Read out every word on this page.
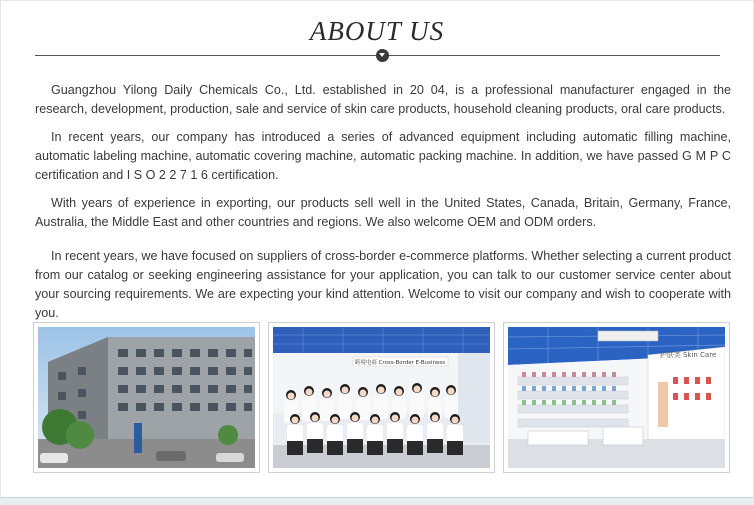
ABOUT US

Guangzhou Yilong Daily Chemicals Co., Ltd. established in 20 04, is a professional manufacturer engaged in the research, development, production, sale and service of skin care products, household cleaning products, oral care products.

In recent years, our company has introduced a series of advanced equipment including automatic filling machine, automatic labeling machine, automatic covering machine, automatic packing machine. In addition, we have passed G M P C certification and I S O 2 2 7 1 6 certification.

With years of experience in exporting, our products sell well in the United States, Canada, Britain, Germany, France, Australia, the Middle East and other countries and regions. We also welcome OEM and ODM orders.

In recent years, we have focused on suppliers of cross-border e-commerce platforms. Whether selecting a current product from our catalog or seeking engineering assistance for your application, you can talk to our customer service center about your sourcing requirements. We are expecting your kind attention. Welcome to visit our company and wish to cooperate with you.

跨境电商 Cross-Border E-Business
护肤类 Skin Care
